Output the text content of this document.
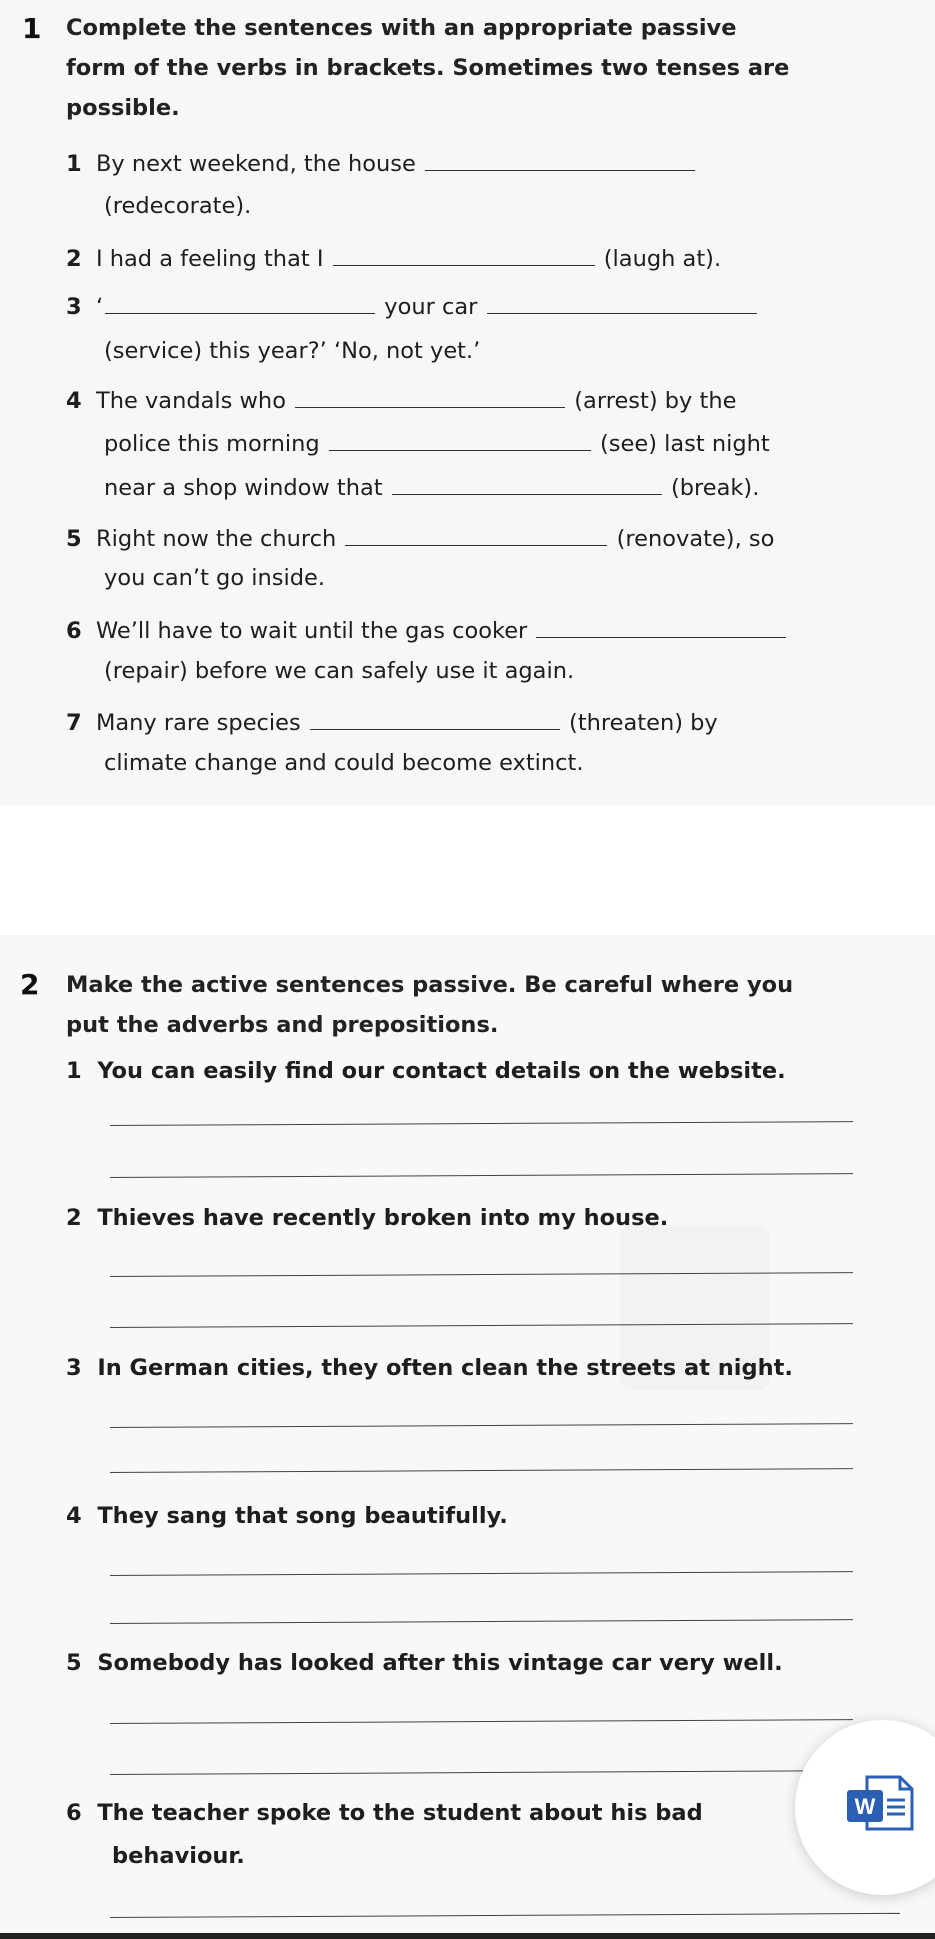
1 Complete the sentences with an appropriate passive
form of the verbs in brackets. Sometimes two tenses are
possible.
1 By next weekend, the house
(redecorate).
2 I had a feeling that I	(laugh at).
3 ‘	your car
(service) this year?’ ‘No, not yet.’
4 The vandals who	(arrest) by the
police this morning	(see) last night
near a shop window that	(break).
5 Right now the church	(renovate), so
you can’t go inside.
6 We’ll have to wait until the gas cooker
(repair) before we can safely use it again.
7 Many rare species	(threaten) by
climate change and could become extinct.
2 Make the active sentences passive. Be careful where you
put the adverbs and prepositions.
1 You can easily find our contact details on the website.
2 Thieves have recently broken into my house.
3 In German cities, they often clean the streets at night.
4 They sang that song beautifully.
5 Somebody has looked after this vintage car very well.
6 The teacher spoke to the student about his bad
behaviour.
W
